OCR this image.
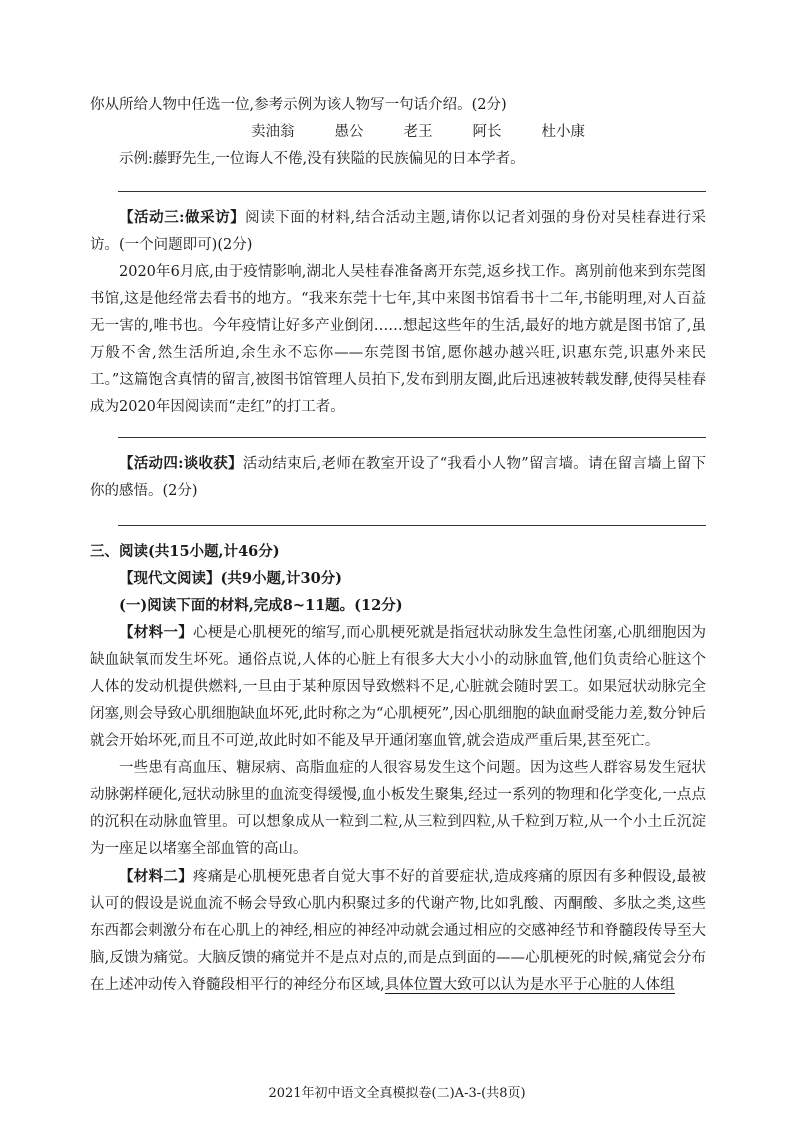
你从所给人物中任选一位,参考示例为该人物写一句话介绍。(2分)

卖油翁	愚公	老王	阿长	杜小康

示例:藤野先生,一位诲人不倦,没有狭隘的民族偏见的日本学者。

【活动三:做采访】阅读下面的材料,结合活动主题,请你以记者刘强的身份对吴桂春进行采访。(一个问题即可)(2分)

2020年6月底,由于疫情影响,湖北人吴桂春准备离开东莞,返乡找工作。离别前他来到东莞图书馆,这是他经常去看书的地方。“我来东莞十七年,其中来图书馆看书十二年,书能明理,对人百益无一害的,唯书也。今年疫情让好多产业倒闭……想起这些年的生活,最好的地方就是图书馆了,虽万般不舍,然生活所迫,余生永不忘你——东莞图书馆,愿你越办越兴旺,识惠东莞,识惠外来民工。”这篇饱含真情的留言,被图书馆管理人员拍下,发布到朋友圈,此后迅速被转载发酵,使得吴桂春成为2020年因阅读而“走红”的打工者。

【活动四:谈收获】活动结束后,老师在教室开设了“我看小人物”留言墙。请在留言墙上留下你的感悟。(2分)

三、阅读(共15小题,计46分)

【现代文阅读】(共9小题,计30分)

(一)阅读下面的材料,完成8~11题。(12分)

【材料一】心梗是心肌梗死的缩写,而心肌梗死就是指冠状动脉发生急性闭塞,心肌细胞因为缺血缺氧而发生坏死。通俗点说,人体的心脏上有很多大大小小的动脉血管,他们负责给心脏这个人体的发动机提供燃料,一旦由于某种原因导致燃料不足,心脏就会随时罢工。如果冠状动脉完全闭塞,则会导致心肌细胞缺血坏死,此时称之为“心肌梗死”,因心肌细胞的缺血耐受能力差,数分钟后就会开始坏死,而且不可逆,故此时如不能及早开通闭塞血管,就会造成严重后果,甚至死亡。

一些患有高血压、糖尿病、高脂血症的人很容易发生这个问题。因为这些人群容易发生冠状动脉粥样硬化,冠状动脉里的血流变得缓慢,血小板发生聚集,经过一系列的物理和化学变化,一点点的沉积在动脉血管里。可以想象成从一粒到二粒,从三粒到四粒,从千粒到万粒,从一个小土丘沉淀为一座足以堵塞全部血管的高山。

【材料二】疼痛是心肌梗死患者自觉大事不好的首要症状,造成疼痛的原因有多种假设,最被认可的假设是说血流不畅会导致心肌内积聚过多的代谢产物,比如乳酸、丙酮酸、多肽之类,这些东西都会刺激分布在心肌上的神经,相应的神经冲动就会通过相应的交感神经节和脊髓段传导至大脑,反馈为痛觉。大脑反馈的痛觉并不是点对点的,而是点到面的——心肌梗死的时候,痛觉会分布在上述冲动传入脊髓段相平行的神经分布区域,具体位置大致可以认为是水平于心脏的人体组

2021年初中语文全真模拟卷(二)A-3-(共8页)
